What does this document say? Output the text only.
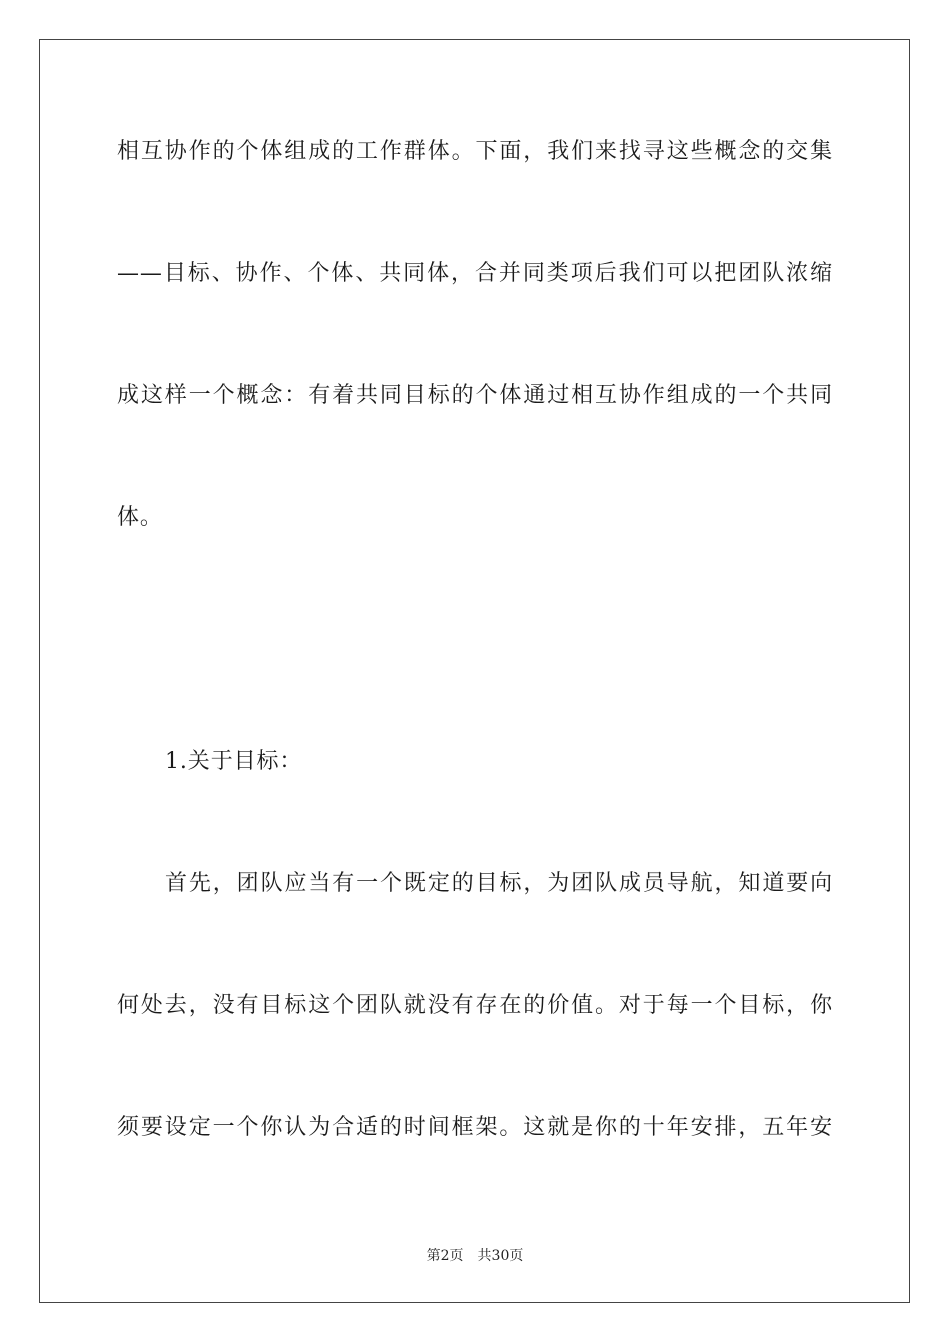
相互协作的个体组成的工作群体。下面，我们来找寻这些概念的交集
——目标、协作、个体、共同体，合并同类项后我们可以把团队浓缩
成这样一个概念：有着共同目标的个体通过相互协作组成的一个共同
体。
1.关于目标：
首先，团队应当有一个既定的目标，为团队成员导航，知道要向
何处去，没有目标这个团队就没有存在的价值。对于每一个目标，你
须要设定一个你认为合适的时间框架。这就是你的十年安排，五年安
第2页 共30页
